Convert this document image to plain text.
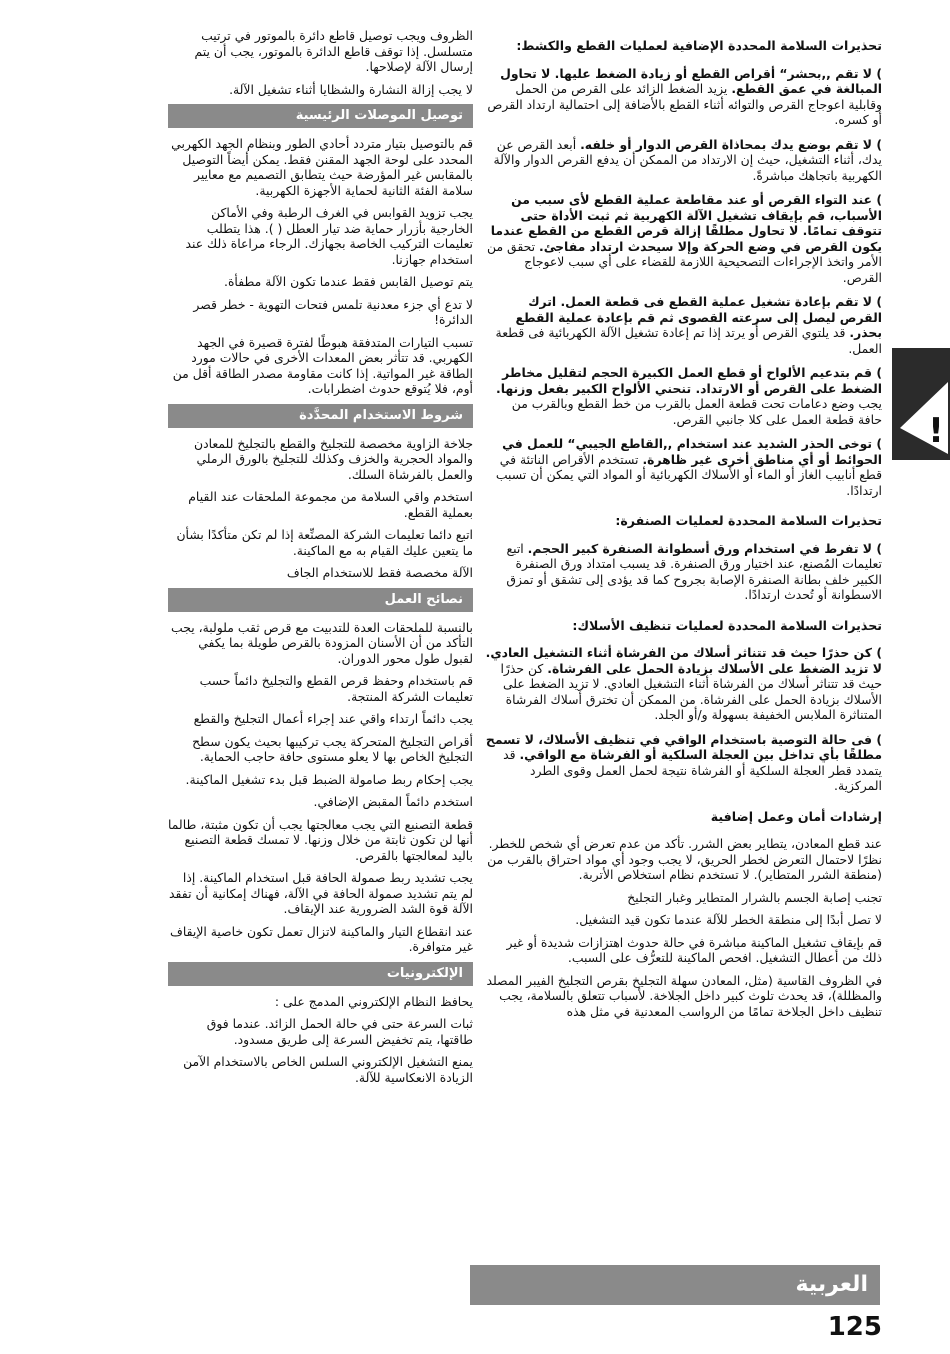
تحذيرات السلامة المحددة الإضافية لعمليات القطع والكشط:

) لا تقم ,,بحشر“ أقراص القطع أو زيادة الضغط عليها. لا تحاول المبالغة في عمق القطع. يزيد الضغط الزائد على القرص من الحمل وقابلية اعوجاج القرص والتوائه أثناء القطع بالأضافة إلى احتمالية ارتداد القرص أو كسره.

) لا تقم بوضع يدك بمحاذاة القرص الدوار أو خلفه. أبعد القرص عن يدك، أثناء التشغيل، حيث إن الارتداد من الممكن أن يدفع القرص الدوار والآلة الكهربية باتجاهك مباشرةً.

) عند التواء القرص أو عند مقاطعة عملية القطع لأى سبب من الأسباب، قم بإيقاف تشغيل الآلة الكهربية ثم ثبت الأداة حتى تتوقف تمامًا. لا تحاول مطلقًا إزالة قرص القطع من القطع عندما يكون القرص في وضع الحركة وإلا سيحدث ارتداد مفاجئ. تحقق من الأمر واتخذ الإجراءات التصحيحية اللازمة للقضاء على أي سبب لاعوجاج القرص.

) لا تقم بإعادة تشغيل عملية القطع فى قطعة العمل. اترك القرص ليصل إلى سرعته القصوى ثم قم بإعادة عملية القطع بحذر. قد يلتوي القرص أو يرتد إذا تم إعادة تشغيل الآلة الكهربائية فى قطعة العمل.

) قم بتدعيم الألواح أو قطع العمل الكبيرة الحجم لتقليل مخاطر الضغط على القرص أو الارتداد. تنحني الألواح الكبير بفعل وزنها. يجب وضع دعامات تحت قطعة العمل بالقرب من خط القطع وبالقرب من حافة قطعة العمل على كلا جانبي القرص.

) توخى الحذر الشديد عند استخدام ,,القاطع الجيبي“ للعمل في الحوائط أو أي مناطق أخرى غير ظاهرة. تستخدم الأقراص الناتئة في قطع أنابيب الغاز أو الماء أو الأسلاك الكهربائية أو المواد التي يمكن أن تسبب ارتدادًا.

تحذيرات السلامة المحددة لعمليات الصنفرة:

) لا تفرط في استخدام ورق أسطوانة الصنفرة كبير الحجم. اتبع تعليمات المُصنع، عند اختيار ورق الصنفرة. قد يسبب امتداد ورق الصنفرة الكبير خلف بطانة الصنفرة الإصابة بجروح كما قد يؤدى إلى تشقق أو تمزق الاسطوانة أو تُحدث ارتدادًا.

تحذيرات السلامة المحددة لعمليات تنظيف الأسلاك:

) كن حذرًا حيث قد تتناثر أسلاك من الفرشاة أثناء التشغيل العادي. لا تزيد الضغط على الأسلاك بزيادة الحمل على الفرشاة. كن حذرًا حيث قد تتناثر أسلاك من الفرشاة أثناء التشغيل العادي. لا تزيد الضغط على الأسلاك بزيادة الحمل على الفرشاة. من الممكن أن تخترق أسلاك الفرشاة المتناثرة الملابس الخفيفة بسهولة و/أو الجلد.

) فى حالة التوصية باستخدام الواقي في تنظيف الأسلاك، لا تسمح مطلقًا بأي تداخل بين العجلة السلكية أو الفرشاة مع الواقي. قد يتمدد قطر العجلة السلكية أو الفرشاة نتيجة لحمل العمل وقوى الطرد المركزية.

إرشادات أمان وعمل إضافية

عند قطع المعادن، يتطاير بعض الشرر. تأكد من عدم تعرض أي شخص للخطر. نظرًا لاحتمال التعرض لخطر الحريق، لا يجب وجود أي مواد احتراق بالقرب من (منطقة الشرر المتطاير). لا تستخدم نظام استخلاص الأتربة.

تجنب إصابة الجسم بالشرار المتطاير وغبار التجليخ

لا تصل أبدًا إلى منطقة الخطر للآلة عندما تكون قيد التشغيل.

قم بإيقاف تشغيل الماكينة مباشرة في حالة حدوث اهتزازات شديدة أو غير ذلك من أعطال التشغيل. افحص الماكينة للتعرُّف على السبب.

في الظروف القاسية (مثل، المعادن سهلة التجليخ بقرص التجليخ الفيبر المصلد والمظللة)، قد يحدث تلوث كبير داخل الجلاخة. لأسباب تتعلق بالسلامة، يجب تنظيف داخل الجلاخة تمامًا من الرواسب المعدنية في مثل هذه

الظروف ويجب توصيل قاطع دائرة بالموتور في ترتيب متسلسل. إذا توقف قاطع الدائرة بالموتور، يجب أن يتم إرسال الآلة لإصلاحها.

لا يجب إزالة النشارة والشظايا أثناء تشغيل الآلة.

توصيل الموصلات الرئيسية

قم بالتوصيل بتيار متردد أحادي الطور وبنظام الجهد الكهربي المحدد على لوحة الجهد المقنن فقط. يمكن أيضاً التوصيل بالمقابس غير المؤرضة حيث يتطابق التصميم مع معايير سلامة الفئة الثانية لحماية الأجهزة الكهربية.

يجب تزويد القوابس في الغرف الرطبة وفي الأماكن الخارجية بأزرار حماية ضد تيار العطل ( ). هذا يتطلب تعليمات التركيب الخاصة بجهازك. الرجاء مراعاة ذلك عند استخدام جهازنا.

يتم توصيل القابس فقط عندما تكون الآلة مطفأة.

لا تدع أي جزء معدنية تلمس فتحات التهوية - خطر قصر الدائرة!

تسبب التيارات المتدفقة هبوطًا لفترة قصيرة في الجهد الكهربي. قد تتأثر بعض المعدات الأخرى في حالات مورد الطاقة غير المواتية. إذا كانت مقاومة مصدر الطاقة أقل من أوم، فلا يُتوقع حدوث اضطرابات.

شروط الاستخدام المحدَّدة

جلاخة الزاوية مخصصة للتجليخ والقطع بالتجليخ للمعادن والمواد الحجرية والخزف وكذلك للتجليخ بالورق الرملي والعمل بالفرشاة السلك.

استخدم واقي السلامة من مجموعة الملحقات عند القيام بعملية القطع.

اتبع دائما تعليمات الشركة المصنِّعة إذا لم تكن متأكدًا بشأن ما يتعين عليك القيام به مع الماكينة.

الآلة مخصصة فقط للاستخدام الجاف

نصائح العمل

بالنسبة للملحقات العدة للتدبيت مع قرص ثقب ملولبة، يجب التأكد من أن الأسنان المزودة بالقرص طويلة بما يكفي لقبول طول محور الدوران.

قم باستخدام وحفظ قرص القطع والتجليخ دائماً حسب تعليمات الشركة المنتجة.

يجب دائماً ارتداء واقي عند إجراء أعمال التجليخ والقطع

أقراص التجليخ المتحركة يجب تركيبها بحيث يكون سطح التجليخ الخاص بها لا يعلو مستوى حافة حاجب الحماية.

يجب إحكام ربط صامولة الضبط قبل بدء تشغيل الماكينة.

استخدم دائماً المقبض الإضافي.

قطعة التصنيع التي يجب معالجتها يجب أن تكون مثبتة، طالما أنها لن تكون ثابتة من خلال وزنها. لا تمسك قطعة التصنيع باليد لمعالجتها بالقرص.

يجب تشديد ربط صمولة الحافة قبل استخدام الماكينة. إذا لم يتم تشديد صمولة الحافة في الآلة، فهناك إمكانية أن تفقد الآلة قوة الشد الضرورية عند الإيقاف.

عند انقطاع التيار والماكينة لاتزال تعمل تكون خاصية الإيقاف غير متوافرة.

الإلكترونيات

يحافظ النظام الإلكتروني المدمج على :

ثبات السرعة حتى في حالة الحمل الزائد. عندما فوق طاقتها، يتم تخفيض السرعة إلى طريق مسدود.

يمنع التشغيل الإلكتروني السلس الخاص بالاستخدام الآمن الزيادة الانعكاسية للآلة.

!
العربية
125
